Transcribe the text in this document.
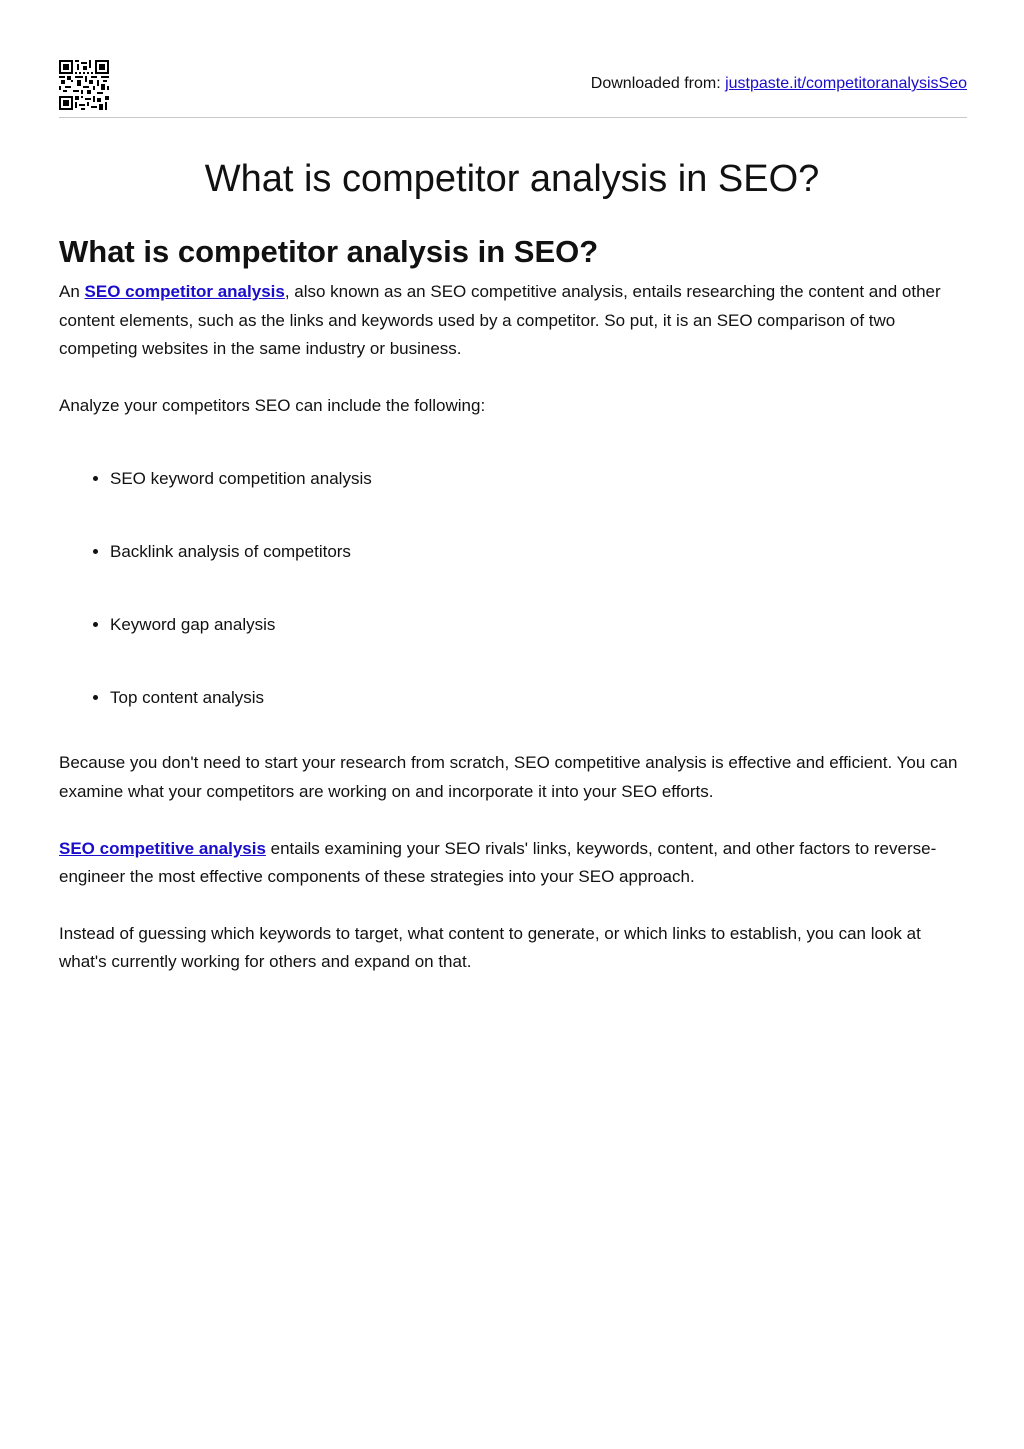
Downloaded from: justpaste.it/competitoranalysisSeo
What is competitor analysis in SEO?
What is competitor analysis in SEO?

An SEO competitor analysis, also known as an SEO competitive analysis, entails researching the content and other content elements, such as the links and keywords used by a competitor. So put, it is an SEO comparison of two competing websites in the same industry or business.

Analyze your competitors SEO can include the following:

• SEO keyword competition analysis
• Backlink analysis of competitors
• Keyword gap analysis
• Top content analysis

Because you don't need to start your research from scratch, SEO competitive analysis is effective and efficient. You can examine what your competitors are working on and incorporate it into your SEO efforts.

SEO competitive analysis entails examining your SEO rivals' links, keywords, content, and other factors to reverse-engineer the most effective components of these strategies into your SEO approach.

Instead of guessing which keywords to target, what content to generate, or which links to establish, you can look at what's currently working for others and expand on that.
